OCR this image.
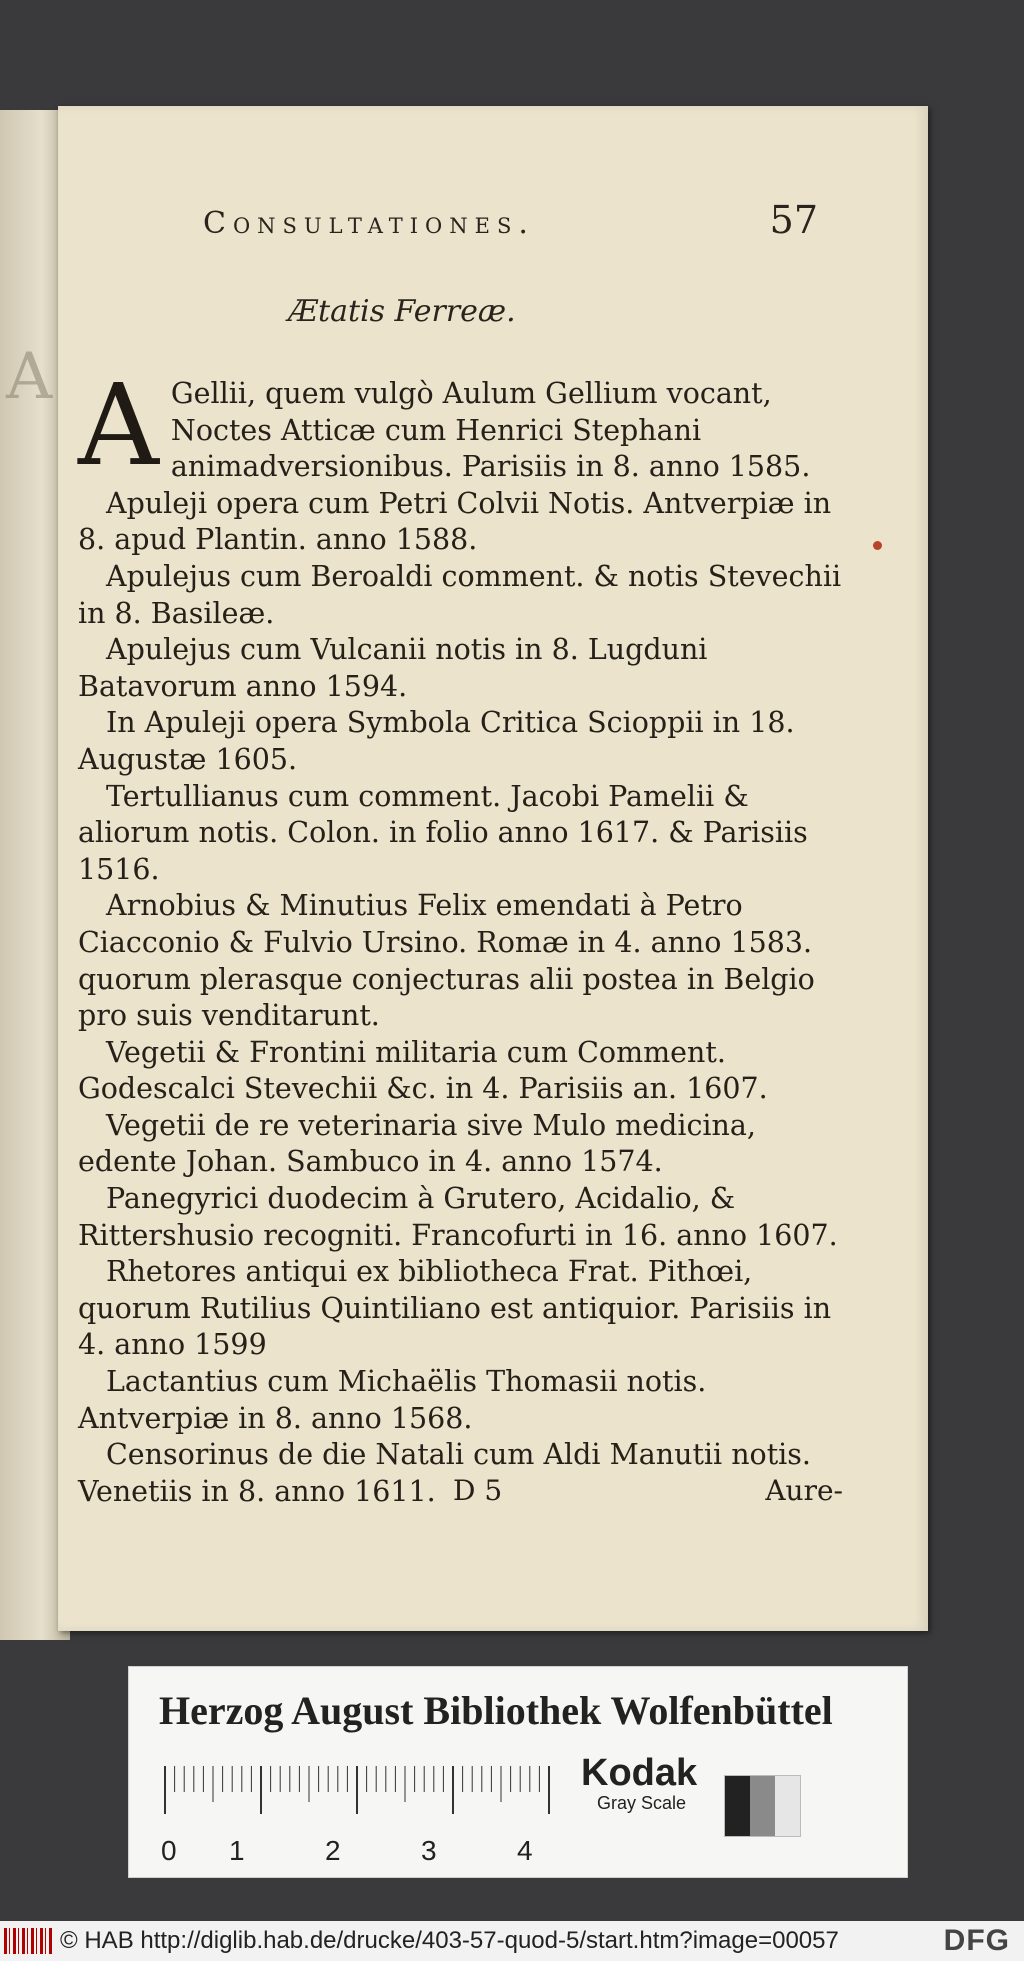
A
Consultationes.	57
Ætatis Ferreæ.

A Gellii, quem vulgò Aulum Gellium vocant, Noctes Atticæ cum Henrici Stephani animadversionibus. Parisiis in 8. anno 1585.

Apuleji opera cum Petri Colvii Notis. Antverpiæ in 8. apud Plantin. anno 1588.

Apulejus cum Beroaldi comment. & notis Stevechii in 8. Basileæ.

Apulejus cum Vulcanii notis in 8. Lugduni Batavorum anno 1594.

In Apuleji opera Symbola Critica Scioppii in 18. Augustæ 1605.

Tertullianus cum comment. Jacobi Pamelii & aliorum notis. Colon. in folio anno 1617. & Parisiis 1516.

Arnobius & Minutius Felix emendati à Petro Ciacconio & Fulvio Ursino. Romæ in 4. anno 1583. quorum plerasque conjecturas alii postea in Belgio pro suis venditarunt.

Vegetii & Frontini militaria cum Comment. Godescalci Stevechii &c. in 4. Parisiis an. 1607.

Vegetii de re veterinaria sive Mulo medicina, edente Johan. Sambuco in 4. anno 1574.

Panegyrici duodecim à Grutero, Acidalio, & Rittershusio recogniti. Francofurti in 16. anno 1607.

Rhetores antiqui ex bibliotheca Frat. Pithœi, quorum Rutilius Quintiliano est antiquior. Parisiis in 4. anno 1599

Lactantius cum Michaëlis Thomasii notis. Antverpiæ in 8. anno 1568.

Censorinus de die Natali cum Aldi Manutii notis. Venetiis in 8. anno 1611. D 5	Aure-
Herzog August Bibliothek Wolfenbüttel
0 1	2	3	4
Kodak
Gray Scale
© HAB http://diglib.hab.de/drucke/403-57-quod-5/start.htm?image=00057	DFG
